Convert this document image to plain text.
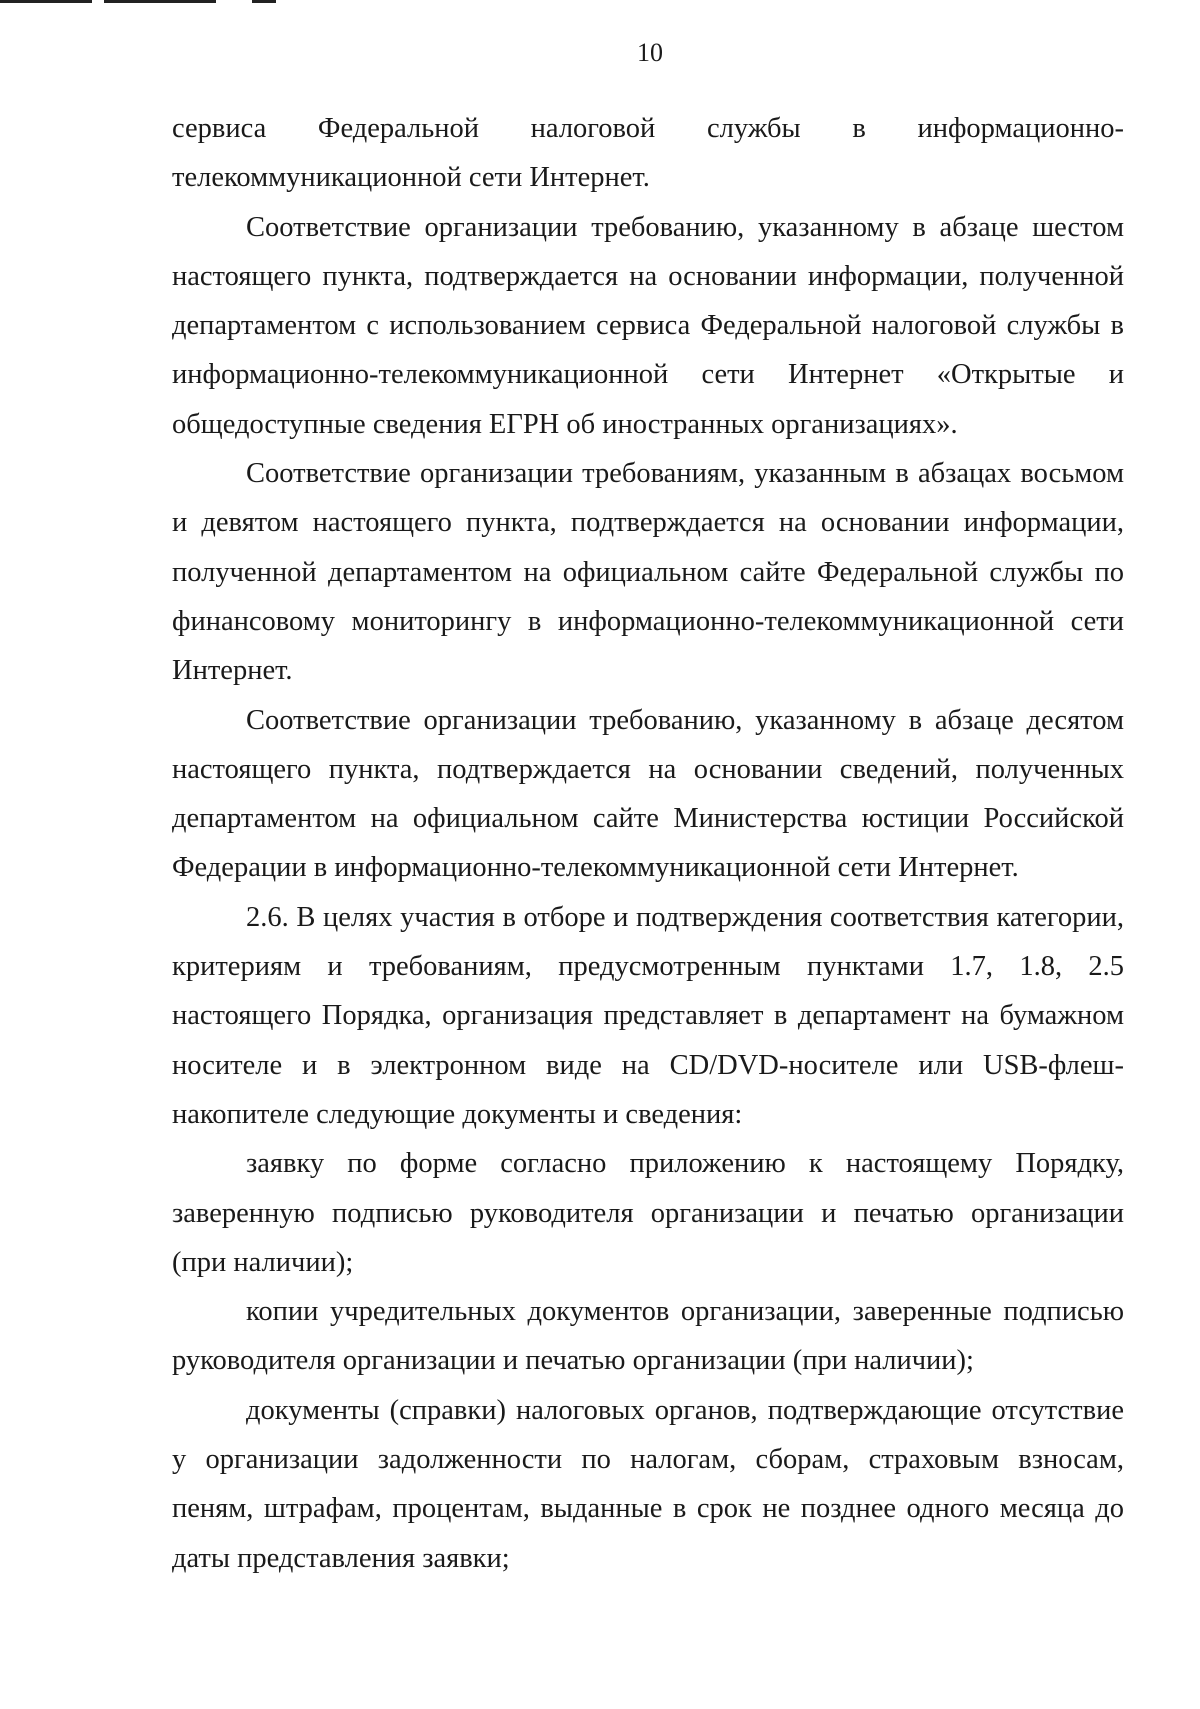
10

сервиса Федеральной налоговой службы в информационно-телекоммуникационной сети Интернет.

Соответствие организации требованию, указанному в абзаце шестом настоящего пункта, подтверждается на основании информации, полученной департаментом с использованием сервиса Федеральной налоговой службы в информационно-телекоммуникационной сети Интернет «Открытые и общедоступные сведения ЕГРН об иностранных организациях».

Соответствие организации требованиям, указанным в абзацах восьмом и девятом настоящего пункта, подтверждается на основании информации, полученной департаментом на официальном сайте Федеральной службы по финансовому мониторингу в информационно-телекоммуникационной сети Интернет.

Соответствие организации требованию, указанному в абзаце десятом настоящего пункта, подтверждается на основании сведений, полученных департаментом на официальном сайте Министерства юстиции Российской Федерации в информационно-телекоммуникационной сети Интернет.

2.6. В целях участия в отборе и подтверждения соответствия категории, критериям и требованиям, предусмотренным пунктами 1.7, 1.8, 2.5 настоящего Порядка, организация представляет в департамент на бумажном носителе и в электронном виде на CD/DVD-носителе или USB-флеш-накопителе следующие документы и сведения:

заявку по форме согласно приложению к настоящему Порядку, заверенную подписью руководителя организации и печатью организации (при наличии);

копии учредительных документов организации, заверенные подписью руководителя организации и печатью организации (при наличии);

документы (справки) налоговых органов, подтверждающие отсутствие у организации задолженности по налогам, сборам, страховым взносам, пеням, штрафам, процентам, выданные в срок не позднее одного месяца до даты представления заявки;
